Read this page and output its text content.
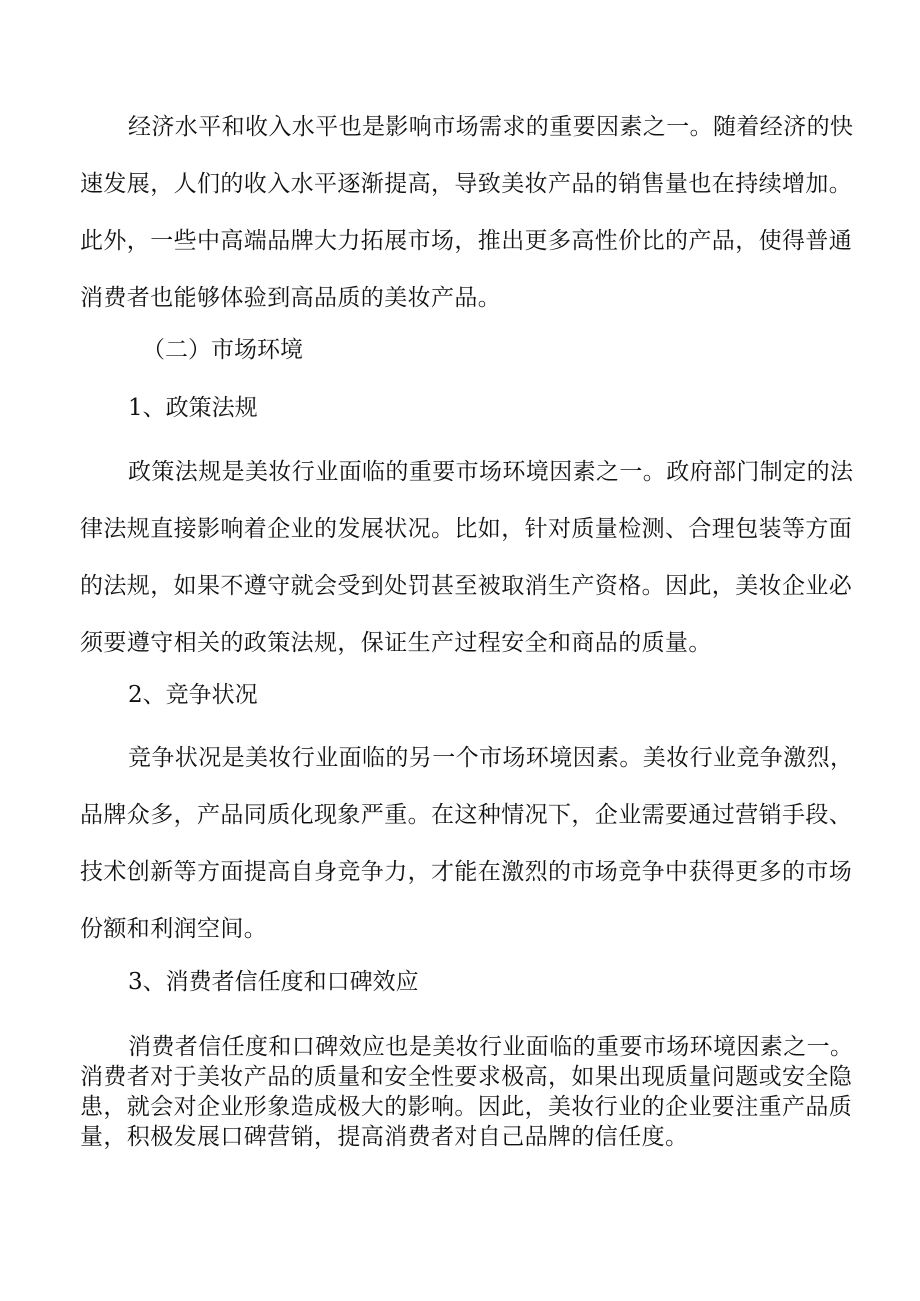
经济水平和收入水平也是影响市场需求的重要因素之一。随着经济的快
速发展，人们的收入水平逐渐提高，导致美妆产品的销售量也在持续增加。
此外，一些中高端品牌大力拓展市场，推出更多高性价比的产品，使得普通
消费者也能够体验到高品质的美妆产品。
（二）市场环境
1、政策法规
政策法规是美妆行业面临的重要市场环境因素之一。政府部门制定的法
律法规直接影响着企业的发展状况。比如，针对质量检测、合理包装等方面
的法规，如果不遵守就会受到处罚甚至被取消生产资格。因此，美妆企业必
须要遵守相关的政策法规，保证生产过程安全和商品的质量。
2、竞争状况
竞争状况是美妆行业面临的另一个市场环境因素。美妆行业竞争激烈，
品牌众多，产品同质化现象严重。在这种情况下，企业需要通过营销手段、
技术创新等方面提高自身竞争力，才能在激烈的市场竞争中获得更多的市场
份额和利润空间。
3、消费者信任度和口碑效应
消费者信任度和口碑效应也是美妆行业面临的重要市场环境因素之一。
消费者对于美妆产品的质量和安全性要求极高，如果出现质量问题或安全隐
患，就会对企业形象造成极大的影响。因此，美妆行业的企业要注重产品质
量，积极发展口碑营销，提高消费者对自己品牌的信任度。
